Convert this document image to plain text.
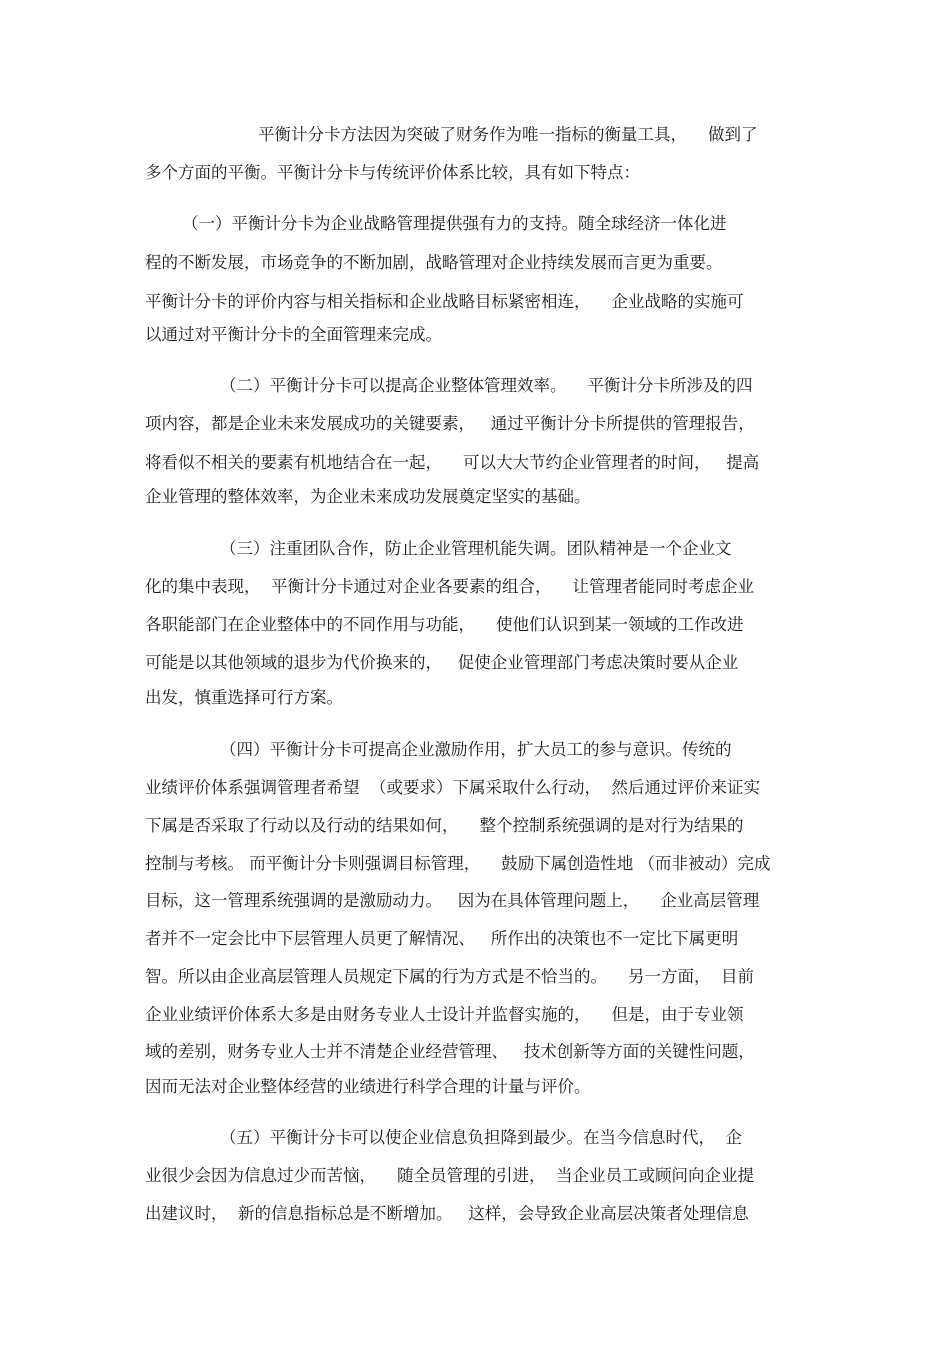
平衡计分卡方法因为突破了财务作为唯一指标的衡量工具，    做到了
多个方面的平衡。平衡计分卡与传统评价体系比较，具有如下特点：
（一）平衡计分卡为企业战略管理提供强有力的支持。随全球经济一体化进
程的不断发展，市场竞争的不断加剧，战略管理对企业持续发展而言更为重要。
平衡计分卡的评价内容与相关指标和企业战略目标紧密相连，    企业战略的实施可
以通过对平衡计分卡的全面管理来完成。
（二）平衡计分卡可以提高企业整体管理效率。    平衡计分卡所涉及的四
项内容，都是企业未来发展成功的关键要素，   通过平衡计分卡所提供的管理报告，
将看似不相关的要素有机地结合在一起，    可以大大节约企业管理者的时间，   提高
企业管理的整体效率，为企业未来成功发展奠定坚实的基础。
（三）注重团队合作，防止企业管理机能失调。团队精神是一个企业文
化的集中表现，  平衡计分卡通过对企业各要素的组合，    让管理者能同时考虑企业
各职能部门在企业整体中的不同作用与功能，    使他们认识到某一领域的工作改进
可能是以其他领域的退步为代价换来的，   促使企业管理部门考虑决策时要从企业
出发，慎重选择可行方案。
（四）平衡计分卡可提高企业激励作用，扩大员工的参与意识。传统的
业绩评价体系强调管理者希望  （或要求）下属采取什么行动，  然后通过评价来证实
下属是否采取了行动以及行动的结果如何，    整个控制系统强调的是对行为结果的
控制与考核。 而平衡计分卡则强调目标管理，    鼓励下属创造性地 （而非被动）完成
目标，这一管理系统强调的是激励动力。   因为在具体管理问题上，    企业高层管理
者并不一定会比中下层管理人员更了解情况、   所作出的决策也不一定比下属更明
智。所以由企业高层管理人员规定下属的行为方式是不恰当的。    另一方面，  目前
企业业绩评价体系大多是由财务专业人士设计并监督实施的，    但是，由于专业领
域的差别，财务专业人士并不清楚企业经营管理、   技术创新等方面的关键性问题，
因而无法对企业整体经营的业绩进行科学合理的计量与评价。
（五）平衡计分卡可以使企业信息负担降到最少。在当今信息时代，  企
业很少会因为信息过少而苦恼，    随全员管理的引进，  当企业员工或顾问向企业提
出建议时，  新的信息指标总是不断增加。   这样，会导致企业高层决策者处理信息
